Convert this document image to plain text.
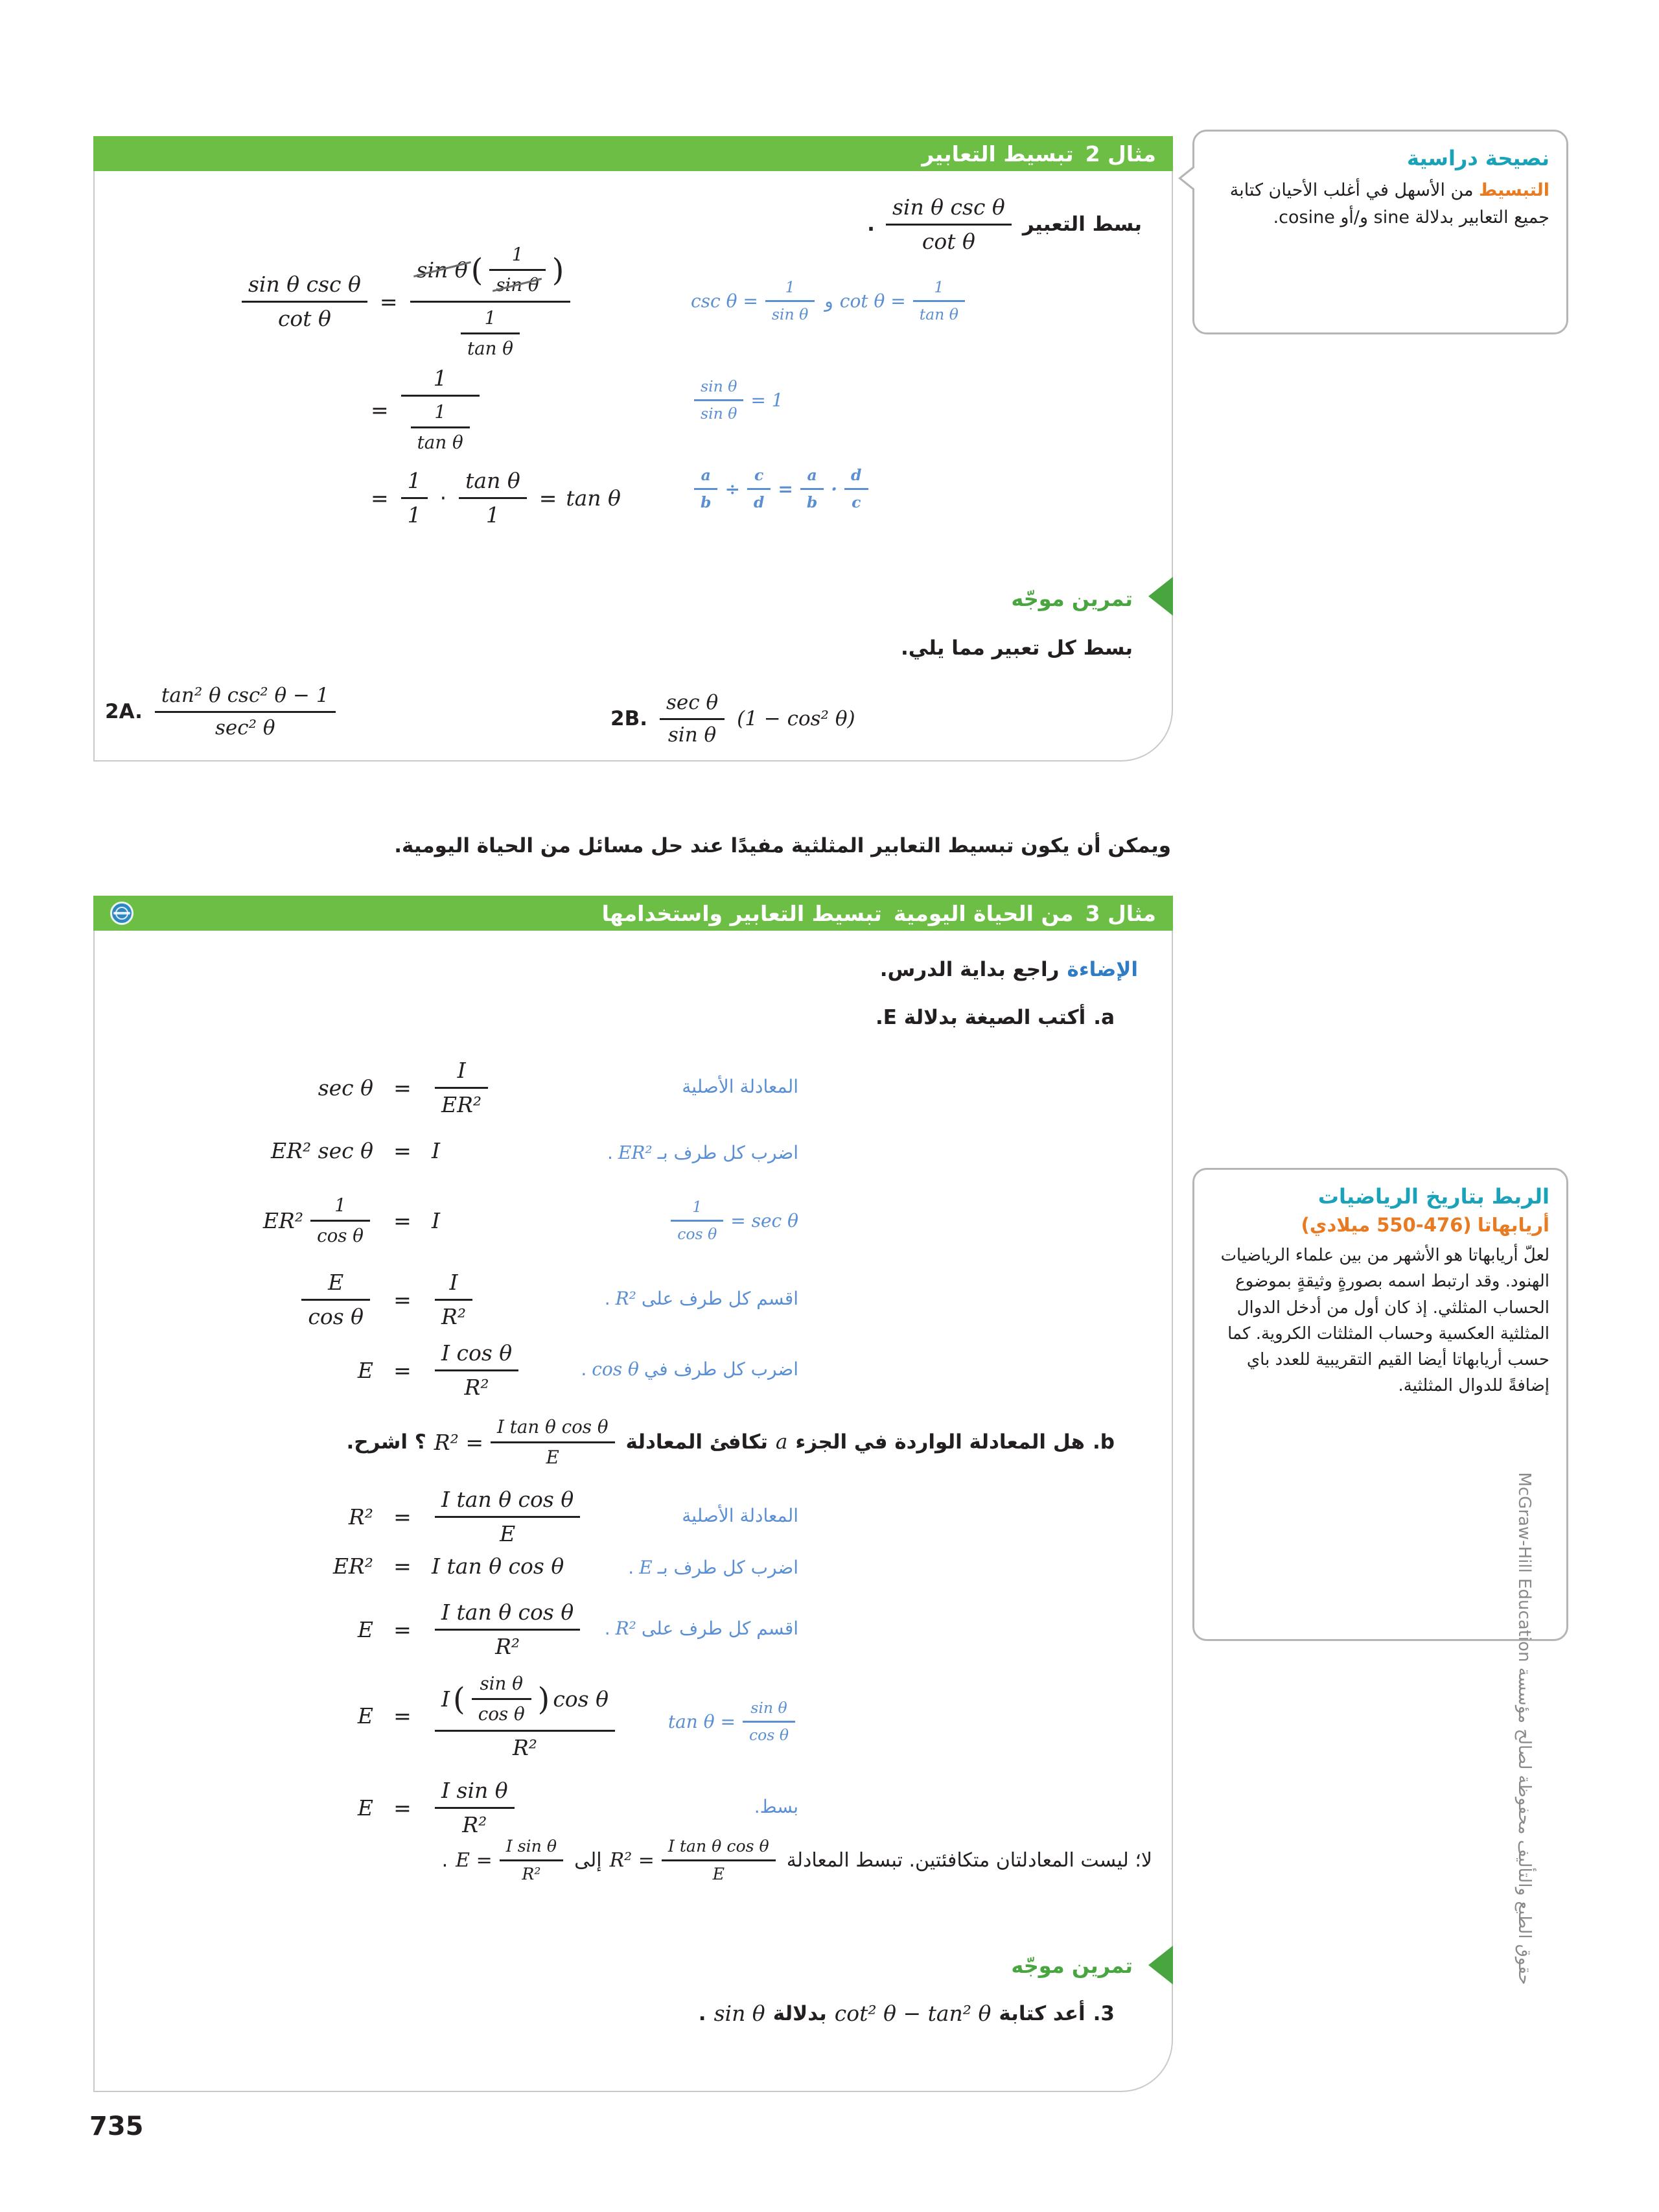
مثال 2
تبسيط التعابير
بسط التعبير
sin θ csc θ
cot θ
.
sin θ csc θ
cot θ
=
sin θ ( $\frac{1}{\text{sin θ}}$ )
$\frac{1}{\text{tan θ}}$
$\cot \theta = \frac{1}{\text{tan θ}}$
و
$\csc \theta = \frac{1}{\text{sin θ}}$
= $\frac{1}{\frac{1}{\text{tan θ}}}$	$\frac{\text{sin θ}}{\text{sin θ}} = 1$
= $\frac{1}{1} \cdot \frac{\text{tan θ}}{1} = \tan \theta$	$\frac{a}{b} \div \frac{c}{d} = \frac{a}{b} \cdot \frac{d}{c}$
تمرين موجّه
بسط كل تعبير مما يلي.
2A.
tan² θ csc² θ − 1
sec² θ	2B.
sec θ
sin θ
(1 − cos² θ)
نصيحة دراسية
التبسيط من الأسهل في أغلب الأحيان كتابة جميع التعابير بدلالة sine و/أو cosine.

ويمكن أن يكون تبسيط التعابير المثلثية مفيدًا عند حل مسائل من الحياة اليومية.

مثال 3
من الحياة اليومية
تبسيط التعابير واستخدامها
الإضاءة
راجع بداية الدرس.
a.
أكتب الصيغة بدلالة E.
sec θ =	$\frac{I}{\text{ER²}}$	المعادلة الأصلية
ER² sec θ = I	اضرب كل طرف بـ
ER²
.
$ER^2 \frac{1}{\text{cos θ}}$	= I	$\frac{1}{\text{cos θ}} = \sec \theta$
$\frac{E}{\text{cos θ}}$	=	$\frac{I}{\text{R²}}$	اقسم كل طرف على
R²
.
E =	$\frac{\text{I cos θ}}{\text{R²}}$	اضرب كل طرف في
cos θ
.
b.
هل المعادلة الواردة في الجزء
a
تكافئ المعادلة
$R^2 = \frac{\text{I tan θ cos θ}}{E}$
؟ اشرح.
R² =	$\frac{\text{I tan θ cos θ}}{E}$	المعادلة الأصلية
ER² = I tan θ cos θ	اضرب كل طرف بـ
E
.
E =	$\frac{\text{I tan θ cos θ}}{\text{R²}}$	اقسم كل طرف على
R²
.
E =
I ( $\frac{\text{sin θ}}{\text{cos θ}}$ ) cos θ
R²
$\tan \theta = \frac{\text{sin θ}}{\text{cos θ}}$
E =	$\frac{\text{I sin θ}}{\text{R²}}$	بسط.
لا؛ ليست المعادلتان متكافئتين. تبسط المعادلة
$R^2 = \frac{\text{I tan θ cos θ}}{E}$
إلى
$E = \frac{\text{I sin θ}}{\text{R²}}$
.
تمرين موجّه
3.
أعد كتابة
cot² θ − tan² θ
بدلالة
sin θ
.
الربط بتاريخ الرياضيات
أريابهاتا (476-550 ميلادي)
لعلّ أريابهاتا هو الأشهر من بين علماء الرياضيات الهنود. وقد ارتبط اسمه بصورةٍ وثيقةٍ بموضوع الحساب المثلثي. إذ كان أول من أدخل الدوال المثلثية العكسية وحساب المثلثات الكروية. كما حسب أريابهاتا أيضا القيم التقريبية للعدد باي إضافةً للدوال المثلثية.
حقوق الطبع والتأليف محفوظة لصالح مؤسسة McGraw-Hill Education
735
